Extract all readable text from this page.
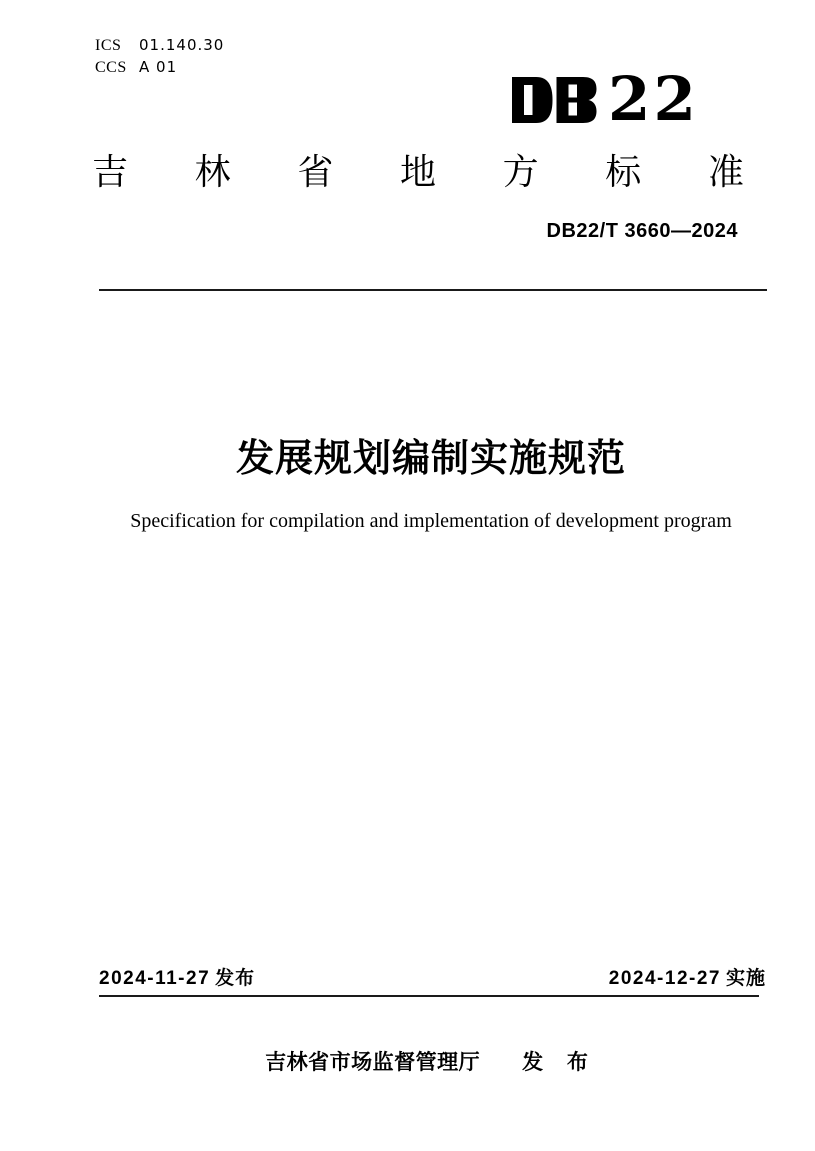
ICS	01.140.30
CCS A 01	22
吉 林 省 地 方 标 准
DB22/T 3660—2024
发展规划编制实施规范
Specification for compilation and implementation of development program
2024-11-27 发布	2024-12-27 实施
吉林省市场监督管理厅 发 布
